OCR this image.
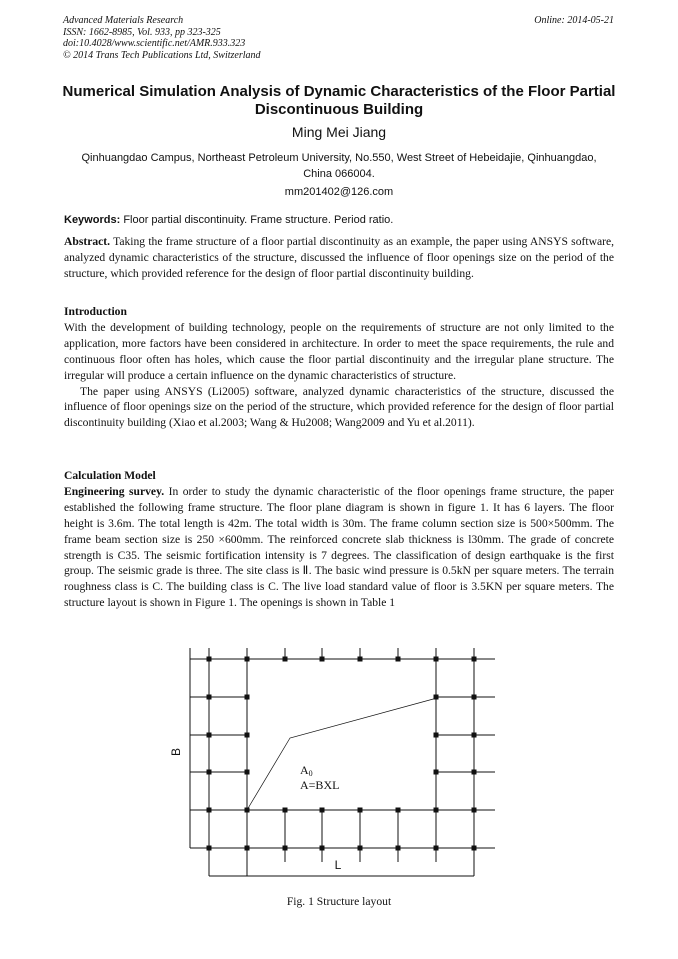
Advanced Materials Research
ISSN: 1662-8985, Vol. 933, pp 323-325
doi:10.4028/www.scientific.net/AMR.933.323
© 2014 Trans Tech Publications Ltd, Switzerland
Online: 2014-05-21
Numerical Simulation Analysis of Dynamic Characteristics of the Floor Partial Discontinuous Building
Ming Mei Jiang
Qinhuangdao Campus, Northeast Petroleum University, No.550, West Street of Hebeidajie, Qinhuangdao, China 066004.
mm201402@126.com
Keywords: Floor partial discontinuity. Frame structure. Period ratio.

Abstract. Taking the frame structure of a floor partial discontinuity as an example, the paper using ANSYS software, analyzed dynamic characteristics of the structure, discussed the influence of floor openings size on the period of the structure, which provided reference for the design of floor partial discontinuity building.

Introduction

With the development of building technology, people on the requirements of structure are not only limited to the application, more factors have been considered in architecture. In order to meet the space requirements, the rule and continuous floor often has holes, which cause the floor partial discontinuity and the irregular plane structure. The irregular will produce a certain influence on the dynamic characteristics of structure.

The paper using ANSYS (Li2005) software, analyzed dynamic characteristics of the structure, discussed the influence of floor openings size on the period of the structure, which provided reference for the design of floor partial discontinuity building (Xiao et al.2003; Wang & Hu2008; Wang2009 and Yu et al.2011).

Calculation Model

Engineering survey. In order to study the dynamic characteristic of the floor openings frame structure, the paper established the following frame structure. The floor plane diagram is shown in figure 1. It has 6 layers. The floor height is 3.6m. The total length is 42m. The total width is 30m. The frame column section size is 500×500mm. The frame beam section size is 250 ×600mm. The reinforced concrete slab thickness is l30mm. The grade of concrete strength is C35. The seismic fortification intensity is 7 degrees. The classification of design earthquake is the first group. The seismic grade is three. The site class is Ⅱ. The basic wind pressure is 0.5kN per square meters. The terrain roughness class is C. The building class is C. The live load standard value of floor is 3.5KN per square meters. The structure layout is shown in Figure 1. The openings is shown in Table 1

A0
A=BXL
B
L
Fig. 1 Structure layout
